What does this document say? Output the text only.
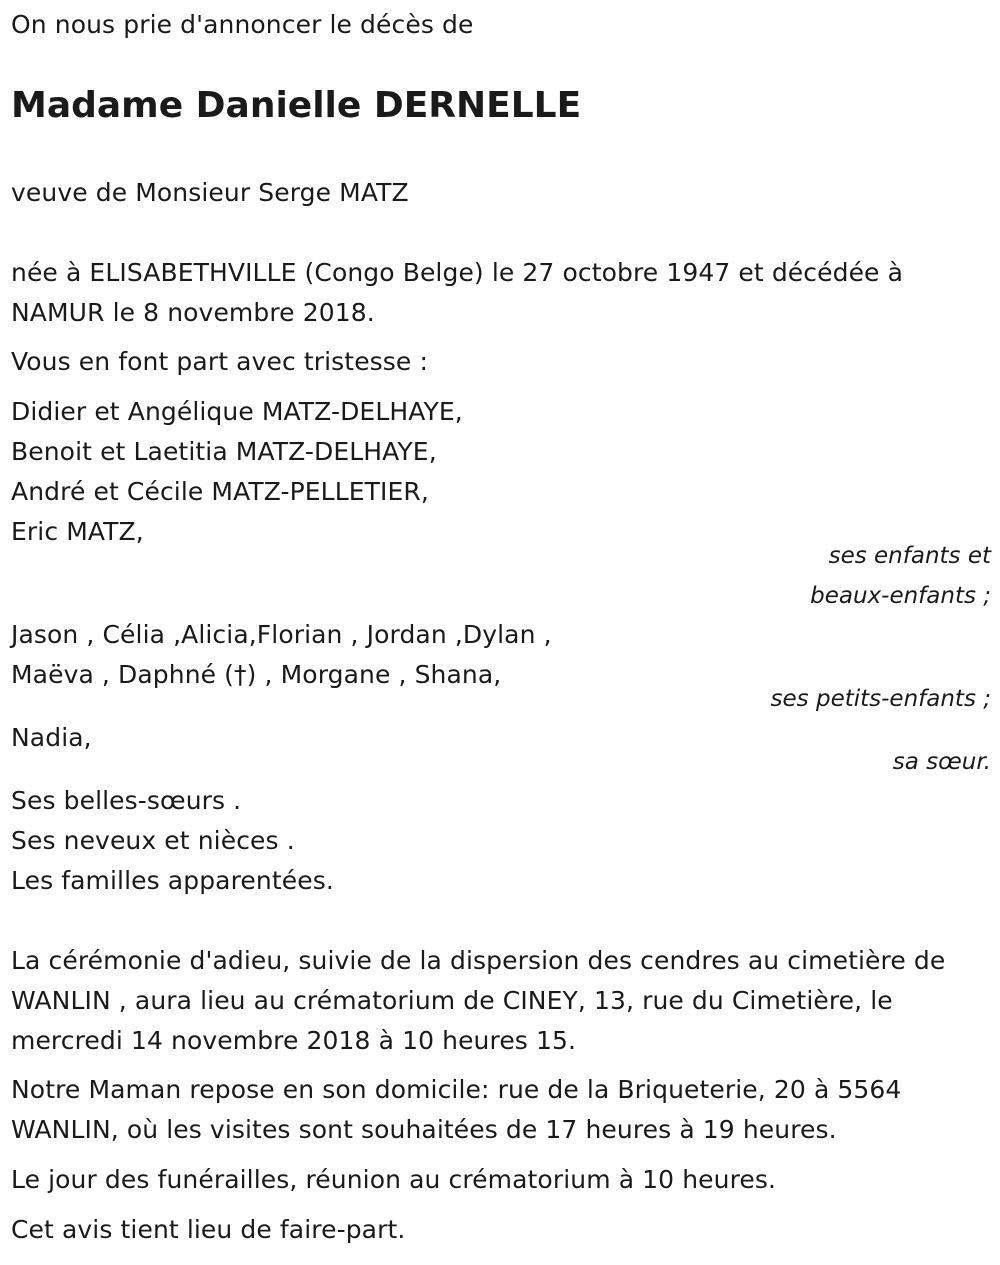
On nous prie d'annoncer le décès de
Madame Danielle DERNELLE
veuve de Monsieur Serge MATZ
née à ELISABETHVILLE (Congo Belge) le 27 octobre 1947 et décédée à
NAMUR le 8 novembre 2018.
Vous en font part avec tristesse :
Didier et Angélique MATZ-DELHAYE,
Benoit et Laetitia MATZ-DELHAYE,
André et Cécile MATZ-PELLETIER,
Eric MATZ,
ses enfants et
beaux-enfants ;
Jason , Célia ,Alicia,Florian , Jordan ,Dylan ,
Maëva , Daphné (†) , Morgane , Shana,
ses petits-enfants ;
Nadia,
sa sœur.
Ses belles-sœurs .
Ses neveux et nièces .
Les familles apparentées.
La cérémonie d'adieu, suivie de la dispersion des cendres au cimetière de
WANLIN , aura lieu au crématorium de CINEY, 13, rue du Cimetière, le
mercredi 14 novembre 2018 à 10 heures 15.
Notre Maman repose en son domicile: rue de la Briqueterie, 20 à 5564
WANLIN, où les visites sont souhaitées de 17 heures à 19 heures.
Le jour des funérailles, réunion au crématorium à 10 heures.
Cet avis tient lieu de faire-part.
